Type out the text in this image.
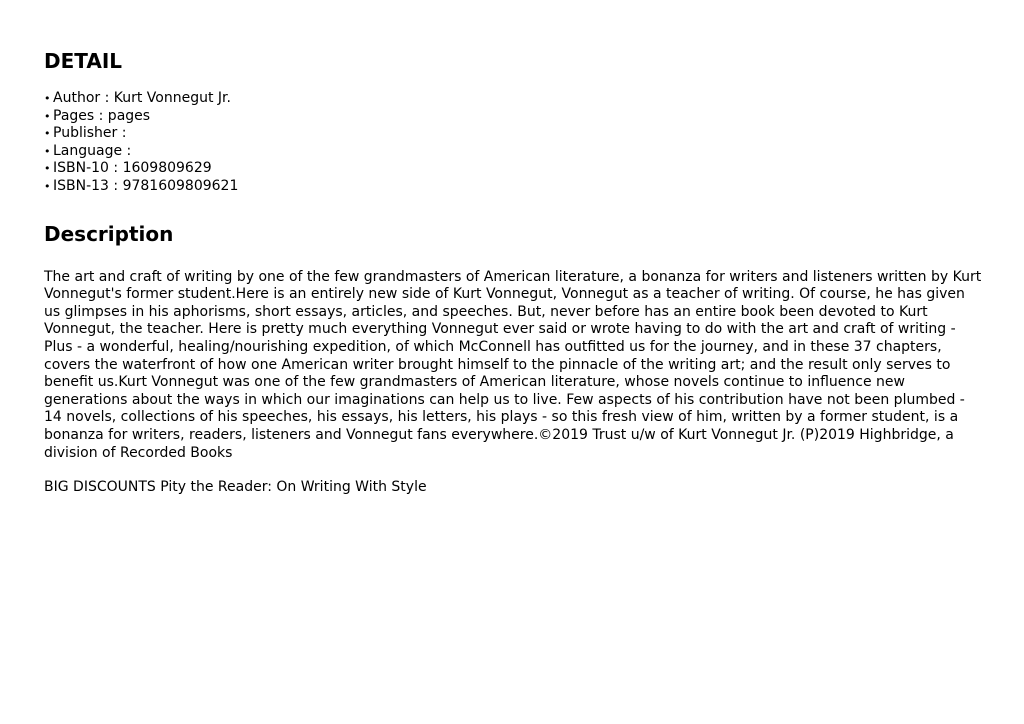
DETAIL
• Author : Kurt Vonnegut Jr.
• Pages : pages
• Publisher :
• Language :
• ISBN-10 : 1609809629
• ISBN-13 : 9781609809621
Description

The art and craft of writing by one of the few grandmasters of American literature, a bonanza for writers and listeners written by Kurt Vonnegut's former student.Here is an entirely new side of Kurt Vonnegut, Vonnegut as a teacher of writing. Of course, he has given us glimpses in his aphorisms, short essays, articles, and speeches. But, never before has an entire book been devoted to Kurt Vonnegut, the teacher. Here is pretty much everything Vonnegut ever said or wrote having to do with the art and craft of writing - Plus - a wonderful, healing/nourishing expedition, of which McConnell has outfitted us for the journey, and in these 37 chapters, covers the waterfront of how one American writer brought himself to the pinnacle of the writing art; and the result only serves to benefit us.Kurt Vonnegut was one of the few grandmasters of American literature, whose novels continue to influence new generations about the ways in which our imaginations can help us to live. Few aspects of his contribution have not been plumbed - 14 novels, collections of his speeches, his essays, his letters, his plays - so this fresh view of him, written by a former student, is a bonanza for writers, readers, listeners and Vonnegut fans everywhere.©2019 Trust u/w of Kurt Vonnegut Jr. (P)2019 Highbridge, a division of Recorded Books

BIG DISCOUNTS Pity the Reader: On Writing With Style
